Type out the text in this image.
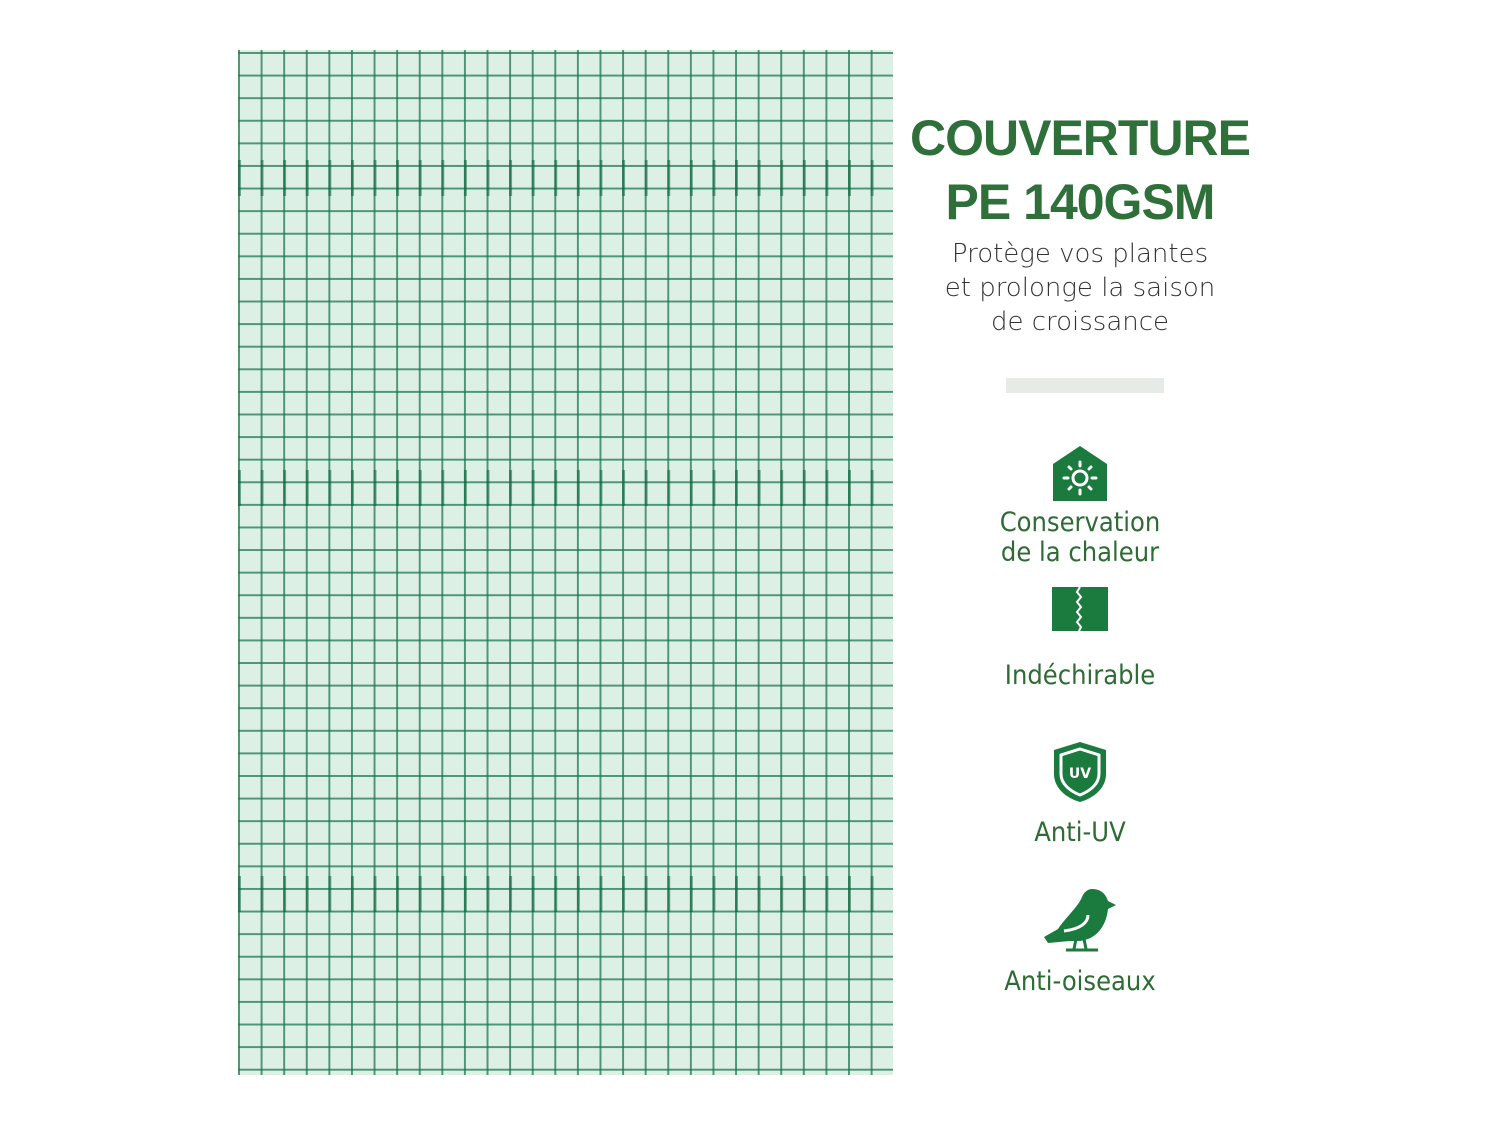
COUVERTURE
PE 140GSM
Protège vos plantes
et prolonge la saison
de croissance
Conservation
de la chaleur
Indéchirable
UV
Anti-UV
Anti-oiseaux
